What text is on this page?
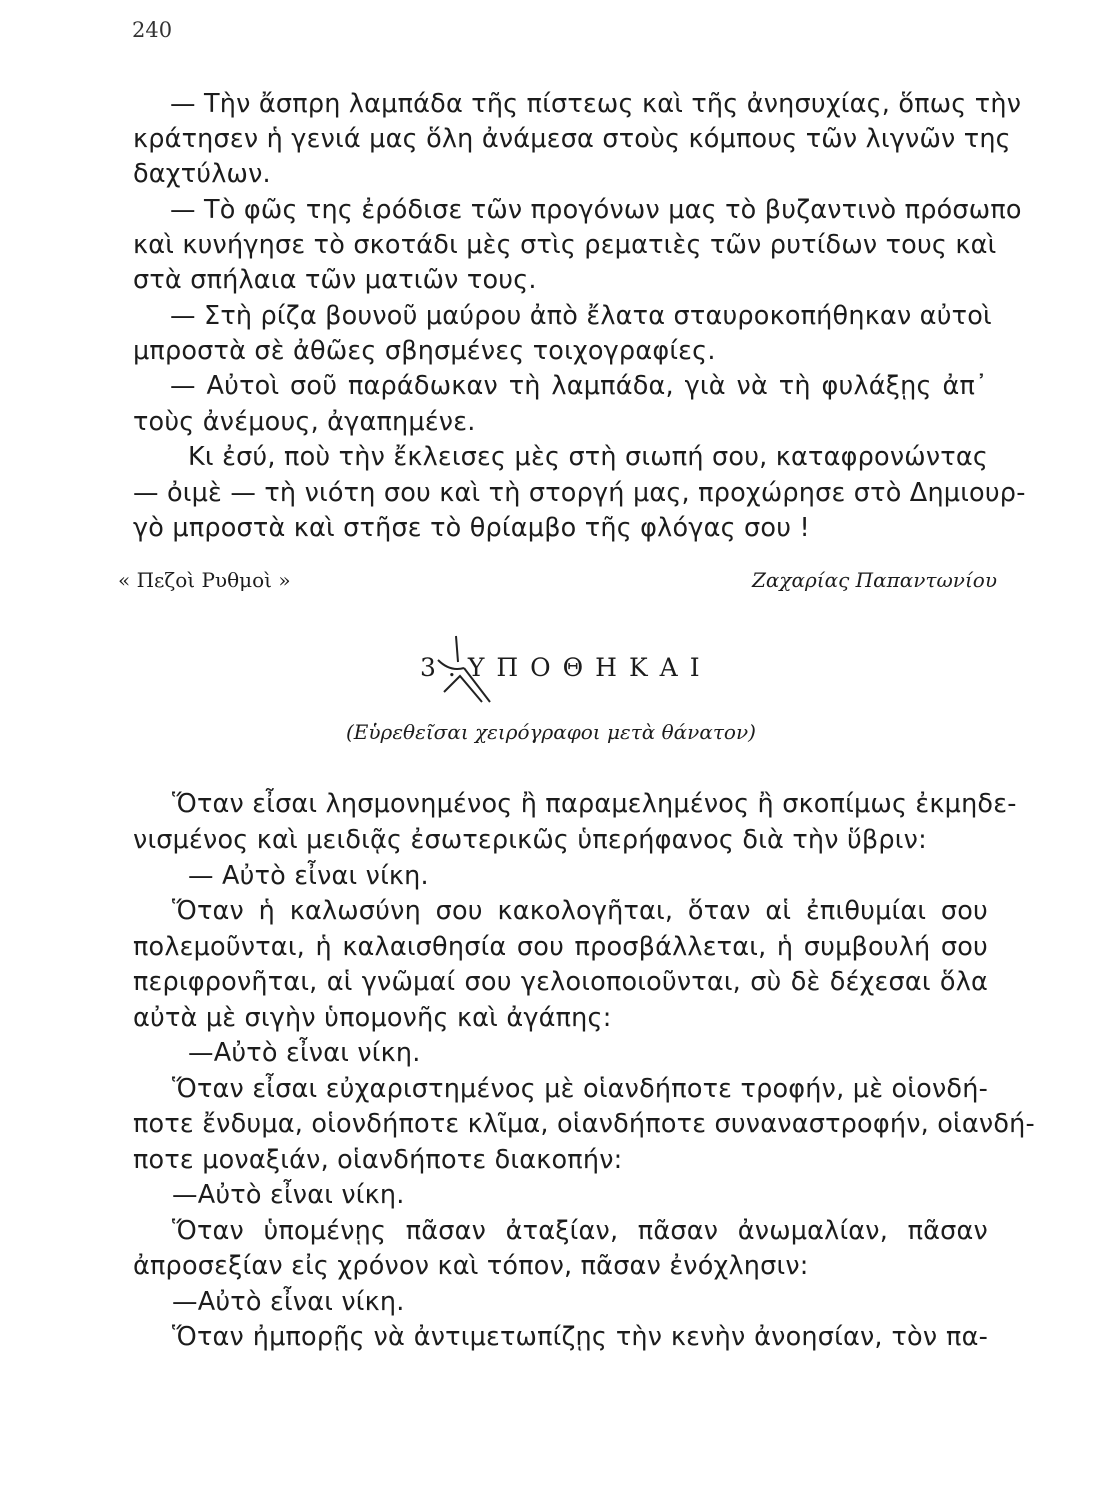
240
— Τὴν ἄσπρη λαμπάδα τῆς πίστεως καὶ τῆς ἀνησυχίας, ὅπως τὴν
κράτησεν ἡ γενιά μας ὅλη ἀνάμεσα στοὺς κόμπους τῶν λιγνῶν της
δαχτύλων.
— Τὸ φῶς της ἐρόδισε τῶν προγόνων μας τὸ βυζαντινὸ πρόσωπο
καὶ κυνήγησε τὸ σκοτάδι μὲς στὶς ρεματιὲς τῶν ρυτίδων τους καὶ
στὰ σπήλαια τῶν ματιῶν τους.
— Στὴ ρίζα βουνοῦ μαύρου ἀπὸ ἔλατα σταυροκοπήθηκαν αὐτοὶ
μπροστὰ σὲ ἀθῶες σβησμένες τοιχογραφίες.
— Αὐτοὶ σοῦ παράδωκαν τὴ λαμπάδα, γιὰ νὰ τὴ φυλάξῃς ἀπ᾽
τοὺς ἀνέμους, ἀγαπημένε.
Κι ἐσύ, ποὺ τὴν ἔκλεισες μὲς στὴ σιωπή σου, καταφρονώντας
— ὀιμὲ — τὴ νιότη σου καὶ τὴ στοργή μας, προχώρησε στὸ Δημιουρ-
γὸ μπροστὰ καὶ στῆσε τὸ θρίαμβο τῆς φλόγας σου !
« Πεζοὶ Ρυθμοὶ »	Ζαχαρίας Παπαντωνίου
3.ΥΠΟΘΗΚΑΙ
(Εὑρεθεῖσαι χειρόγραφοι μετὰ θάνατον)
Ὅταν εἶσαι λησμονημένος ἢ παραμελημένος ἢ σκοπίμως ἐκμηδε-
νισμένος καὶ μειδιᾷς ἐσωτερικῶς ὑπερήφανος διὰ τὴν ὕβριν:
— Αὐτὸ εἶναι νίκη.
Ὅταν ἡ καλωσύνη σου κακολογῆται, ὅταν αἱ ἐπιθυμίαι σου
πολεμοῦνται, ἡ καλαισθησία σου προσβάλλεται, ἡ συμβουλή σου
περιφρονῆται, αἱ γνῶμαί σου γελοιοποιοῦνται, σὺ δὲ δέχεσαι ὅλα
αὐτὰ μὲ σιγὴν ὑπομονῆς καὶ ἀγάπης:
—Αὐτὸ εἶναι νίκη.
Ὅταν εἶσαι εὐχαριστημένος μὲ οἱανδήποτε τροφήν, μὲ οἱονδή-
ποτε ἔνδυμα, οἱονδήποτε κλῖμα, οἱανδήποτε συναναστροφήν, οἱανδή-
ποτε μοναξιάν, οἱανδήποτε διακοπήν:
—Αὐτὸ εἶναι νίκη.
Ὅταν ὑπομένῃς πᾶσαν ἀταξίαν, πᾶσαν ἀνωμαλίαν, πᾶσαν
ἀπροσεξίαν εἰς χρόνον καὶ τόπον, πᾶσαν ἐνόχλησιν:
—Αὐτὸ εἶναι νίκη.
Ὅταν ἠμπορῇς νὰ ἀντιμετωπίζῃς τὴν κενὴν ἀνοησίαν, τὸν πα-
